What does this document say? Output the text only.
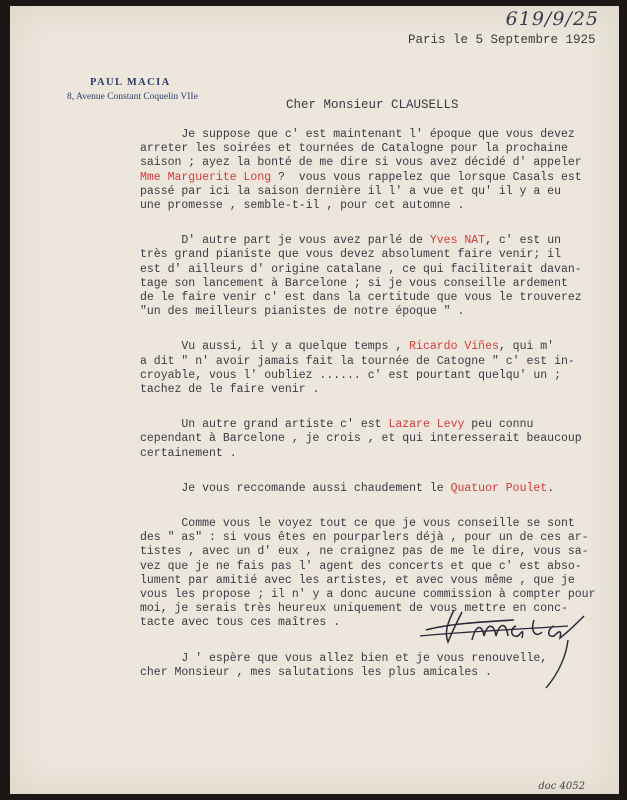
619/9/25
Paris le 5 Septembre 1925
PAUL MACIA
8, Avenue Constant Coquelin VIIe
Cher Monsieur CLAUSELLS
Je suppose que c' est maintenant l' époque que vous devez
arreter les soirées et tournées de Catalogne pour la prochaine
saison ; ayez la bonté de me dire si vous avez décidé d' appeler
Mme Marguerite Long ?  vous vous rappelez que lorsque Casals est
passé par ici la saison dernière il l' a vue et qu' il y a eu
une promesse , semble-t-il , pour cet automne .
D' autre part je vous avez parlé de Yves NAT, c' est un
très grand pianiste que vous devez absolument faire venir; il
est d' ailleurs d' origine catalane , ce qui faciliterait davan-
tage son lancement à Barcelone ; si je vous conseille ardement
de le faire venir c' est dans la certitude que vous le trouverez
"un des meilleurs pianistes de notre époque " .
Vu aussi, il y a quelque temps , Ricardo Viñes, qui m'
a dit " n' avoir jamais fait la tournée de Catogne " c' est in-
croyable, vous l' oubliez ...... c' est pourtant quelqu' un ;
tachez de le faire venir .
Un autre grand artiste c' est Lazare Levy peu connu
cependant à Barcelone , je crois , et qui interesserait beaucoup
certainement .
Je vous reccomande aussi chaudement le Quatuor Poulet.
Comme vous le voyez tout ce que je vous conseille se sont
des " as" : si vous êtes en pourparlers déjà , pour un de ces ar-
tistes , avec un d' eux , ne craignez pas de me le dire, vous sa-
vez que je ne fais pas l' agent des concerts et que c' est abso-
lument par amitié avec les artistes, et avec vous même , que je
vous les propose ; il n' y a donc aucune commission à compter pour
moi, je serais très heureux uniquement de vous mettre en conc-
tacte avec tous ces maîtres .
J ' espère que vous allez bien et je vous renouvelle,
cher Monsieur , mes salutations les plus amicales .
doc 4052
